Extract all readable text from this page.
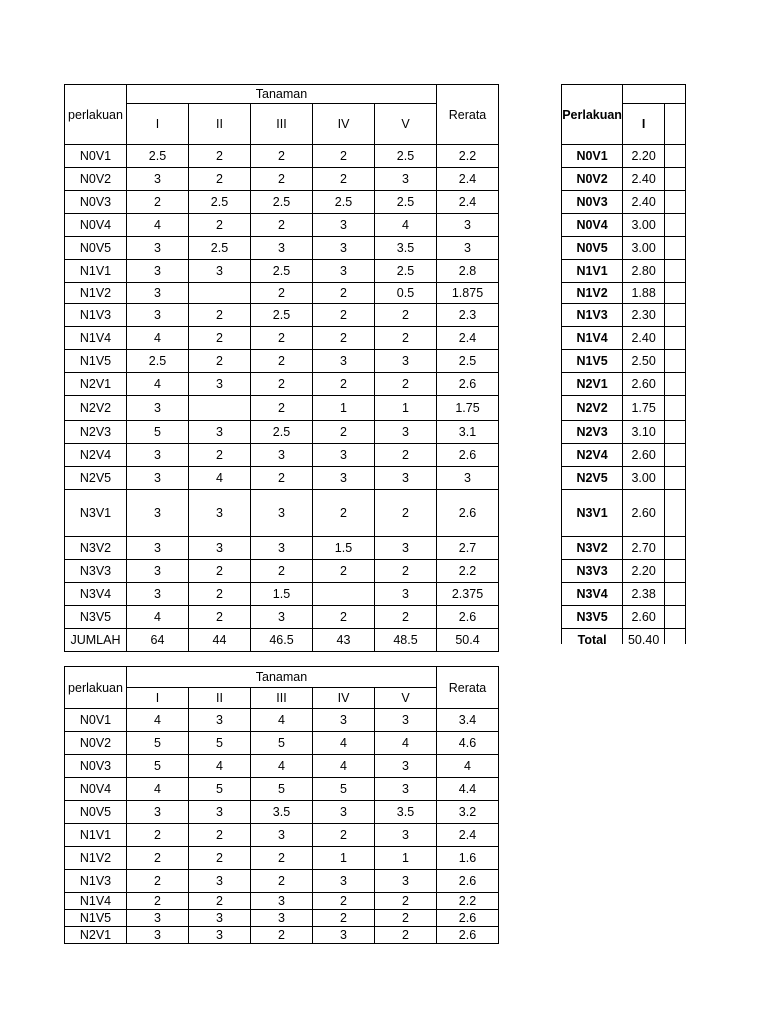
perlakuan	Tanaman					Rerata
	I	II	III	IV	V	
N0V1	2.5	2	2	2	2.5	2.2
N0V2	3	2	2	2	3	2.4
N0V3	2	2.5	2.5	2.5	2.5	2.4
N0V4	4	2	2	3	4	3
N0V5	3	2.5	3	3	3.5	3
N1V1	3	3	2.5	3	2.5	2.8
N1V2	3		2	2	0.5	1.875
N1V3	3	2	2.5	2	2	2.3
N1V4	4	2	2	2	2	2.4
N1V5	2.5	2	2	3	3	2.5
N2V1	4	3	2	2	2	2.6
N2V2	3		2	1	1	1.75
N2V3	5	3	2.5	2	3	3.1
N2V4	3	2	3	3	2	2.6
N2V5	3	4	2	3	3	3
N3V1	3	3	3	2	2	2.6
N3V2	3	3	3	1.5	3	2.7
N3V3	3	2	2	2	2	2.2
N3V4	3	2	1.5		3	2.375
N3V5	4	2	3	2	2	2.6
JUMLAH	64	44	46.5	43	48.5	50.4
Perlakuan		
	I	
N0V1	2.20	
N0V2	2.40	
N0V3	2.40	
N0V4	3.00	
N0V5	3.00	
N1V1	2.80	
N1V2	1.88	
N1V3	2.30	
N1V4	2.40	
N1V5	2.50	
N2V1	2.60	
N2V2	1.75	
N2V3	3.10	
N2V4	2.60	
N2V5	3.00	
N3V1	2.60	
N3V2	2.70	
N3V3	2.20	
N3V4	2.38	
N3V5	2.60	
Total	50.40	
perlakuan	Tanaman					Rerata
	I	II	III	IV	V	
N0V1	4	3	4	3	3	3.4
N0V2	5	5	5	4	4	4.6
N0V3	5	4	4	4	3	4
N0V4	4	5	5	5	3	4.4
N0V5	3	3	3.5	3	3.5	3.2
N1V1	2	2	3	2	3	2.4
N1V2	2	2	2	1	1	1.6
N1V3	2	3	2	3	3	2.6
N1V4	2	2	3	2	2	2.2
N1V5	3	3	3	2	2	2.6
N2V1	3	3	2	3	2	2.6
